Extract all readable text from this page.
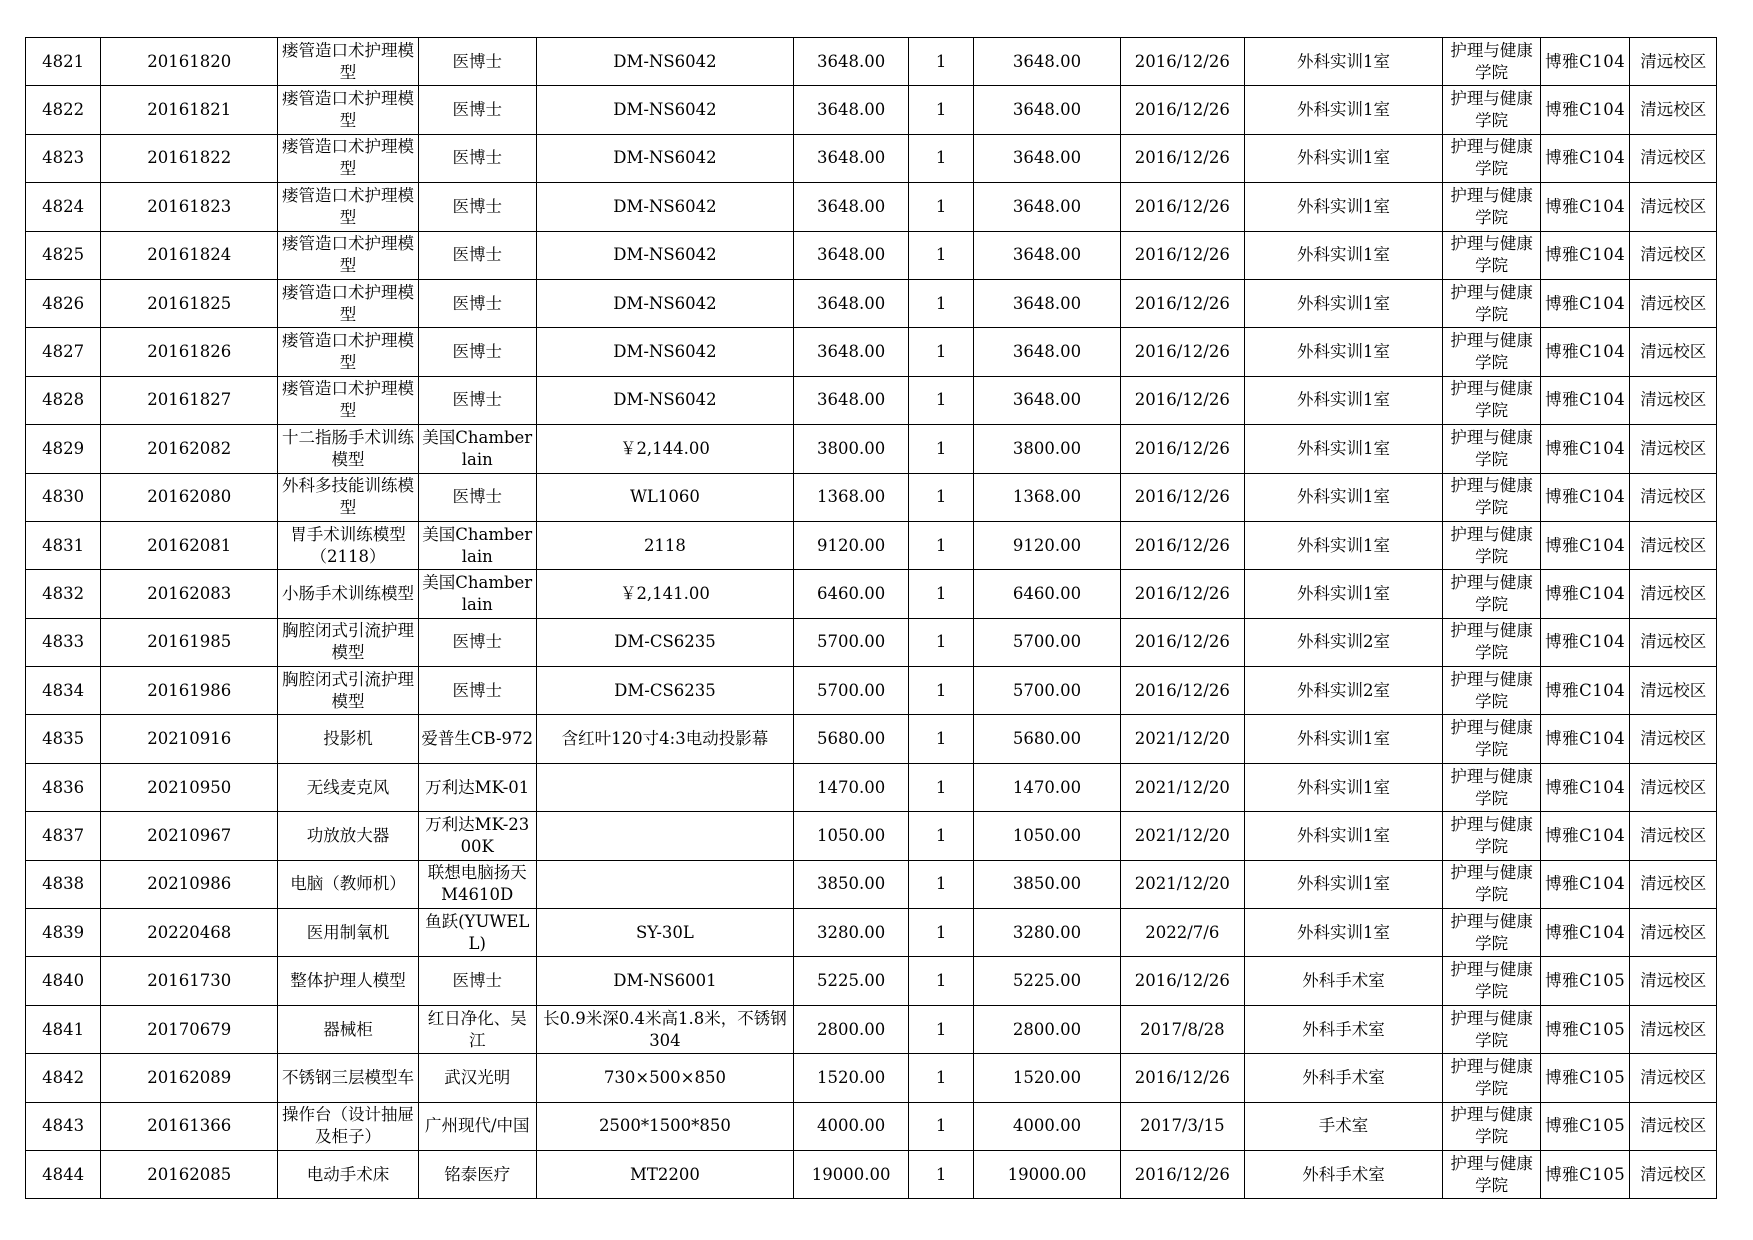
4821	20161820	瘘管造口术护理模型	医博士	DM-NS6042	3648.00	1	3648.00	2016/12/26	外科实训1室	护理与健康学院	博雅C104	清远校区
4822	20161821	瘘管造口术护理模型	医博士	DM-NS6042	3648.00	1	3648.00	2016/12/26	外科实训1室	护理与健康学院	博雅C104	清远校区
4823	20161822	瘘管造口术护理模型	医博士	DM-NS6042	3648.00	1	3648.00	2016/12/26	外科实训1室	护理与健康学院	博雅C104	清远校区
4824	20161823	瘘管造口术护理模型	医博士	DM-NS6042	3648.00	1	3648.00	2016/12/26	外科实训1室	护理与健康学院	博雅C104	清远校区
4825	20161824	瘘管造口术护理模型	医博士	DM-NS6042	3648.00	1	3648.00	2016/12/26	外科实训1室	护理与健康学院	博雅C104	清远校区
4826	20161825	瘘管造口术护理模型	医博士	DM-NS6042	3648.00	1	3648.00	2016/12/26	外科实训1室	护理与健康学院	博雅C104	清远校区
4827	20161826	瘘管造口术护理模型	医博士	DM-NS6042	3648.00	1	3648.00	2016/12/26	外科实训1室	护理与健康学院	博雅C104	清远校区
4828	20161827	瘘管造口术护理模型	医博士	DM-NS6042	3648.00	1	3648.00	2016/12/26	外科实训1室	护理与健康学院	博雅C104	清远校区
4829	20162082	十二指肠手术训练模型	美国Chamberlain	￥2,144.00	3800.00	1	3800.00	2016/12/26	外科实训1室	护理与健康学院	博雅C104	清远校区
4830	20162080	外科多技能训练模型	医博士	WL1060	1368.00	1	1368.00	2016/12/26	外科实训1室	护理与健康学院	博雅C104	清远校区
4831	20162081	胃手术训练模型（2118）	美国Chamberlain	2118	9120.00	1	9120.00	2016/12/26	外科实训1室	护理与健康学院	博雅C104	清远校区
4832	20162083	小肠手术训练模型	美国Chamberlain	￥2,141.00	6460.00	1	6460.00	2016/12/26	外科实训1室	护理与健康学院	博雅C104	清远校区
4833	20161985	胸腔闭式引流护理模型	医博士	DM-CS6235	5700.00	1	5700.00	2016/12/26	外科实训2室	护理与健康学院	博雅C104	清远校区
4834	20161986	胸腔闭式引流护理模型	医博士	DM-CS6235	5700.00	1	5700.00	2016/12/26	外科实训2室	护理与健康学院	博雅C104	清远校区
4835	20210916	投影机	爱普生CB-972	含红叶120寸4:3电动投影幕	5680.00	1	5680.00	2021/12/20	外科实训1室	护理与健康学院	博雅C104	清远校区
4836	20210950	无线麦克风	万利达MK-01		1470.00	1	1470.00	2021/12/20	外科实训1室	护理与健康学院	博雅C104	清远校区
4837	20210967	功放放大器	万利达MK-2300K		1050.00	1	1050.00	2021/12/20	外科实训1室	护理与健康学院	博雅C104	清远校区
4838	20210986	电脑（教师机）	联想电脑扬天M4610D		3850.00	1	3850.00	2021/12/20	外科实训1室	护理与健康学院	博雅C104	清远校区
4839	20220468	医用制氧机	鱼跃(YUWELL)	SY-30L	3280.00	1	3280.00	2022/7/6	外科实训1室	护理与健康学院	博雅C104	清远校区
4840	20161730	整体护理人模型	医博士	DM-NS6001	5225.00	1	5225.00	2016/12/26	外科手术室	护理与健康学院	博雅C105	清远校区
4841	20170679	器械柜	红日净化、吴江	长0.9米深0.4米高1.8米，不锈钢304	2800.00	1	2800.00	2017/8/28	外科手术室	护理与健康学院	博雅C105	清远校区
4842	20162089	不锈钢三层模型车	武汉光明	730×500×850	1520.00	1	1520.00	2016/12/26	外科手术室	护理与健康学院	博雅C105	清远校区
4843	20161366	操作台（设计抽屉及柜子）	广州现代/中国	2500*1500*850	4000.00	1	4000.00	2017/3/15	手术室	护理与健康学院	博雅C105	清远校区
4844	20162085	电动手术床	铭泰医疗	MT2200	19000.00	1	19000.00	2016/12/26	外科手术室	护理与健康学院	博雅C105	清远校区
